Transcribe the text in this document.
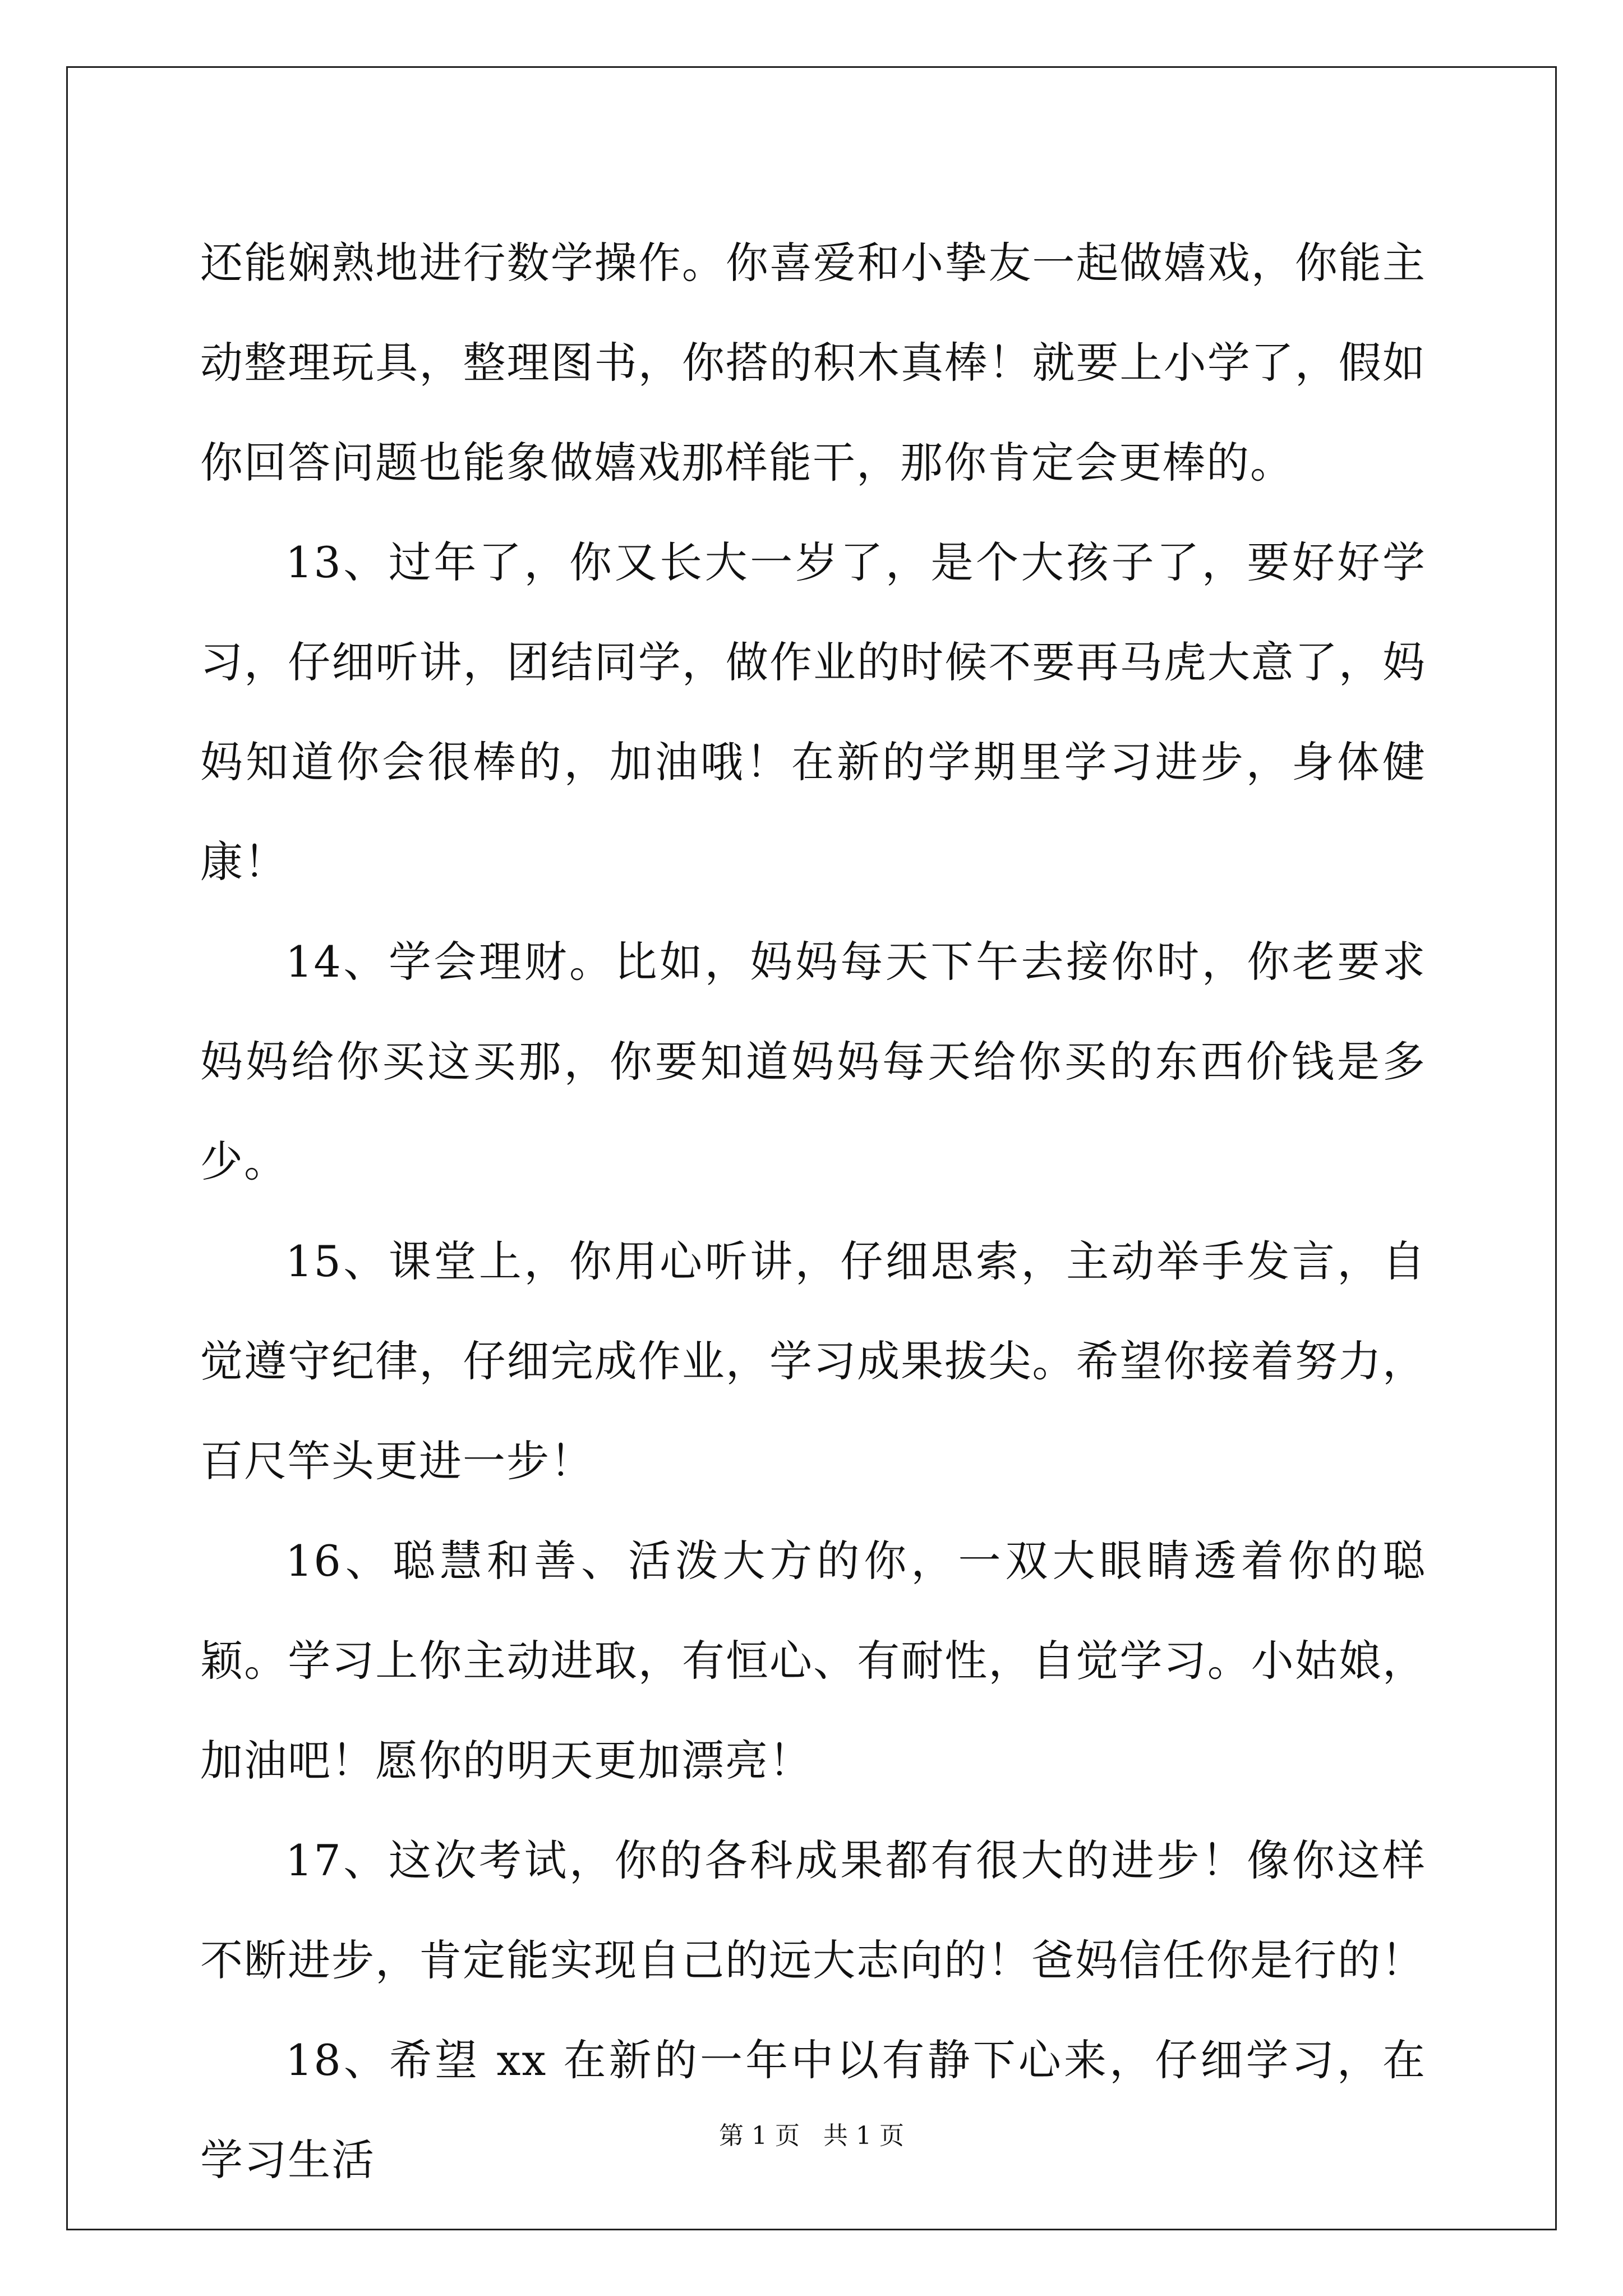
还能娴熟地进行数学操作。你喜爱和小挚友一起做嬉戏，你能主动整理玩具，整理图书，你搭的积木真棒！就要上小学了，假如你回答问题也能象做嬉戏那样能干，那你肯定会更棒的。

13、过年了，你又长大一岁了，是个大孩子了，要好好学习，仔细听讲，团结同学，做作业的时候不要再马虎大意了，妈妈知道你会很棒的，加油哦！在新的学期里学习进步，身体健康！

14、学会理财。比如，妈妈每天下午去接你时，你老要求妈妈给你买这买那，你要知道妈妈每天给你买的东西价钱是多少。

15、课堂上，你用心听讲，仔细思索，主动举手发言，自觉遵守纪律，仔细完成作业，学习成果拔尖。希望你接着努力，百尺竿头更进一步！

16、聪慧和善、活泼大方的你，一双大眼睛透着你的聪颖。学习上你主动进取，有恒心、有耐性，自觉学习。小姑娘，加油吧！愿你的明天更加漂亮！

17、这次考试，你的各科成果都有很大的进步！像你这样不断进步，肯定能实现自己的远大志向的！爸妈信任你是行的！

18、希望 xx 在新的一年中以有静下心来，仔细学习，在学习生活	第 1 页 共 1 页
